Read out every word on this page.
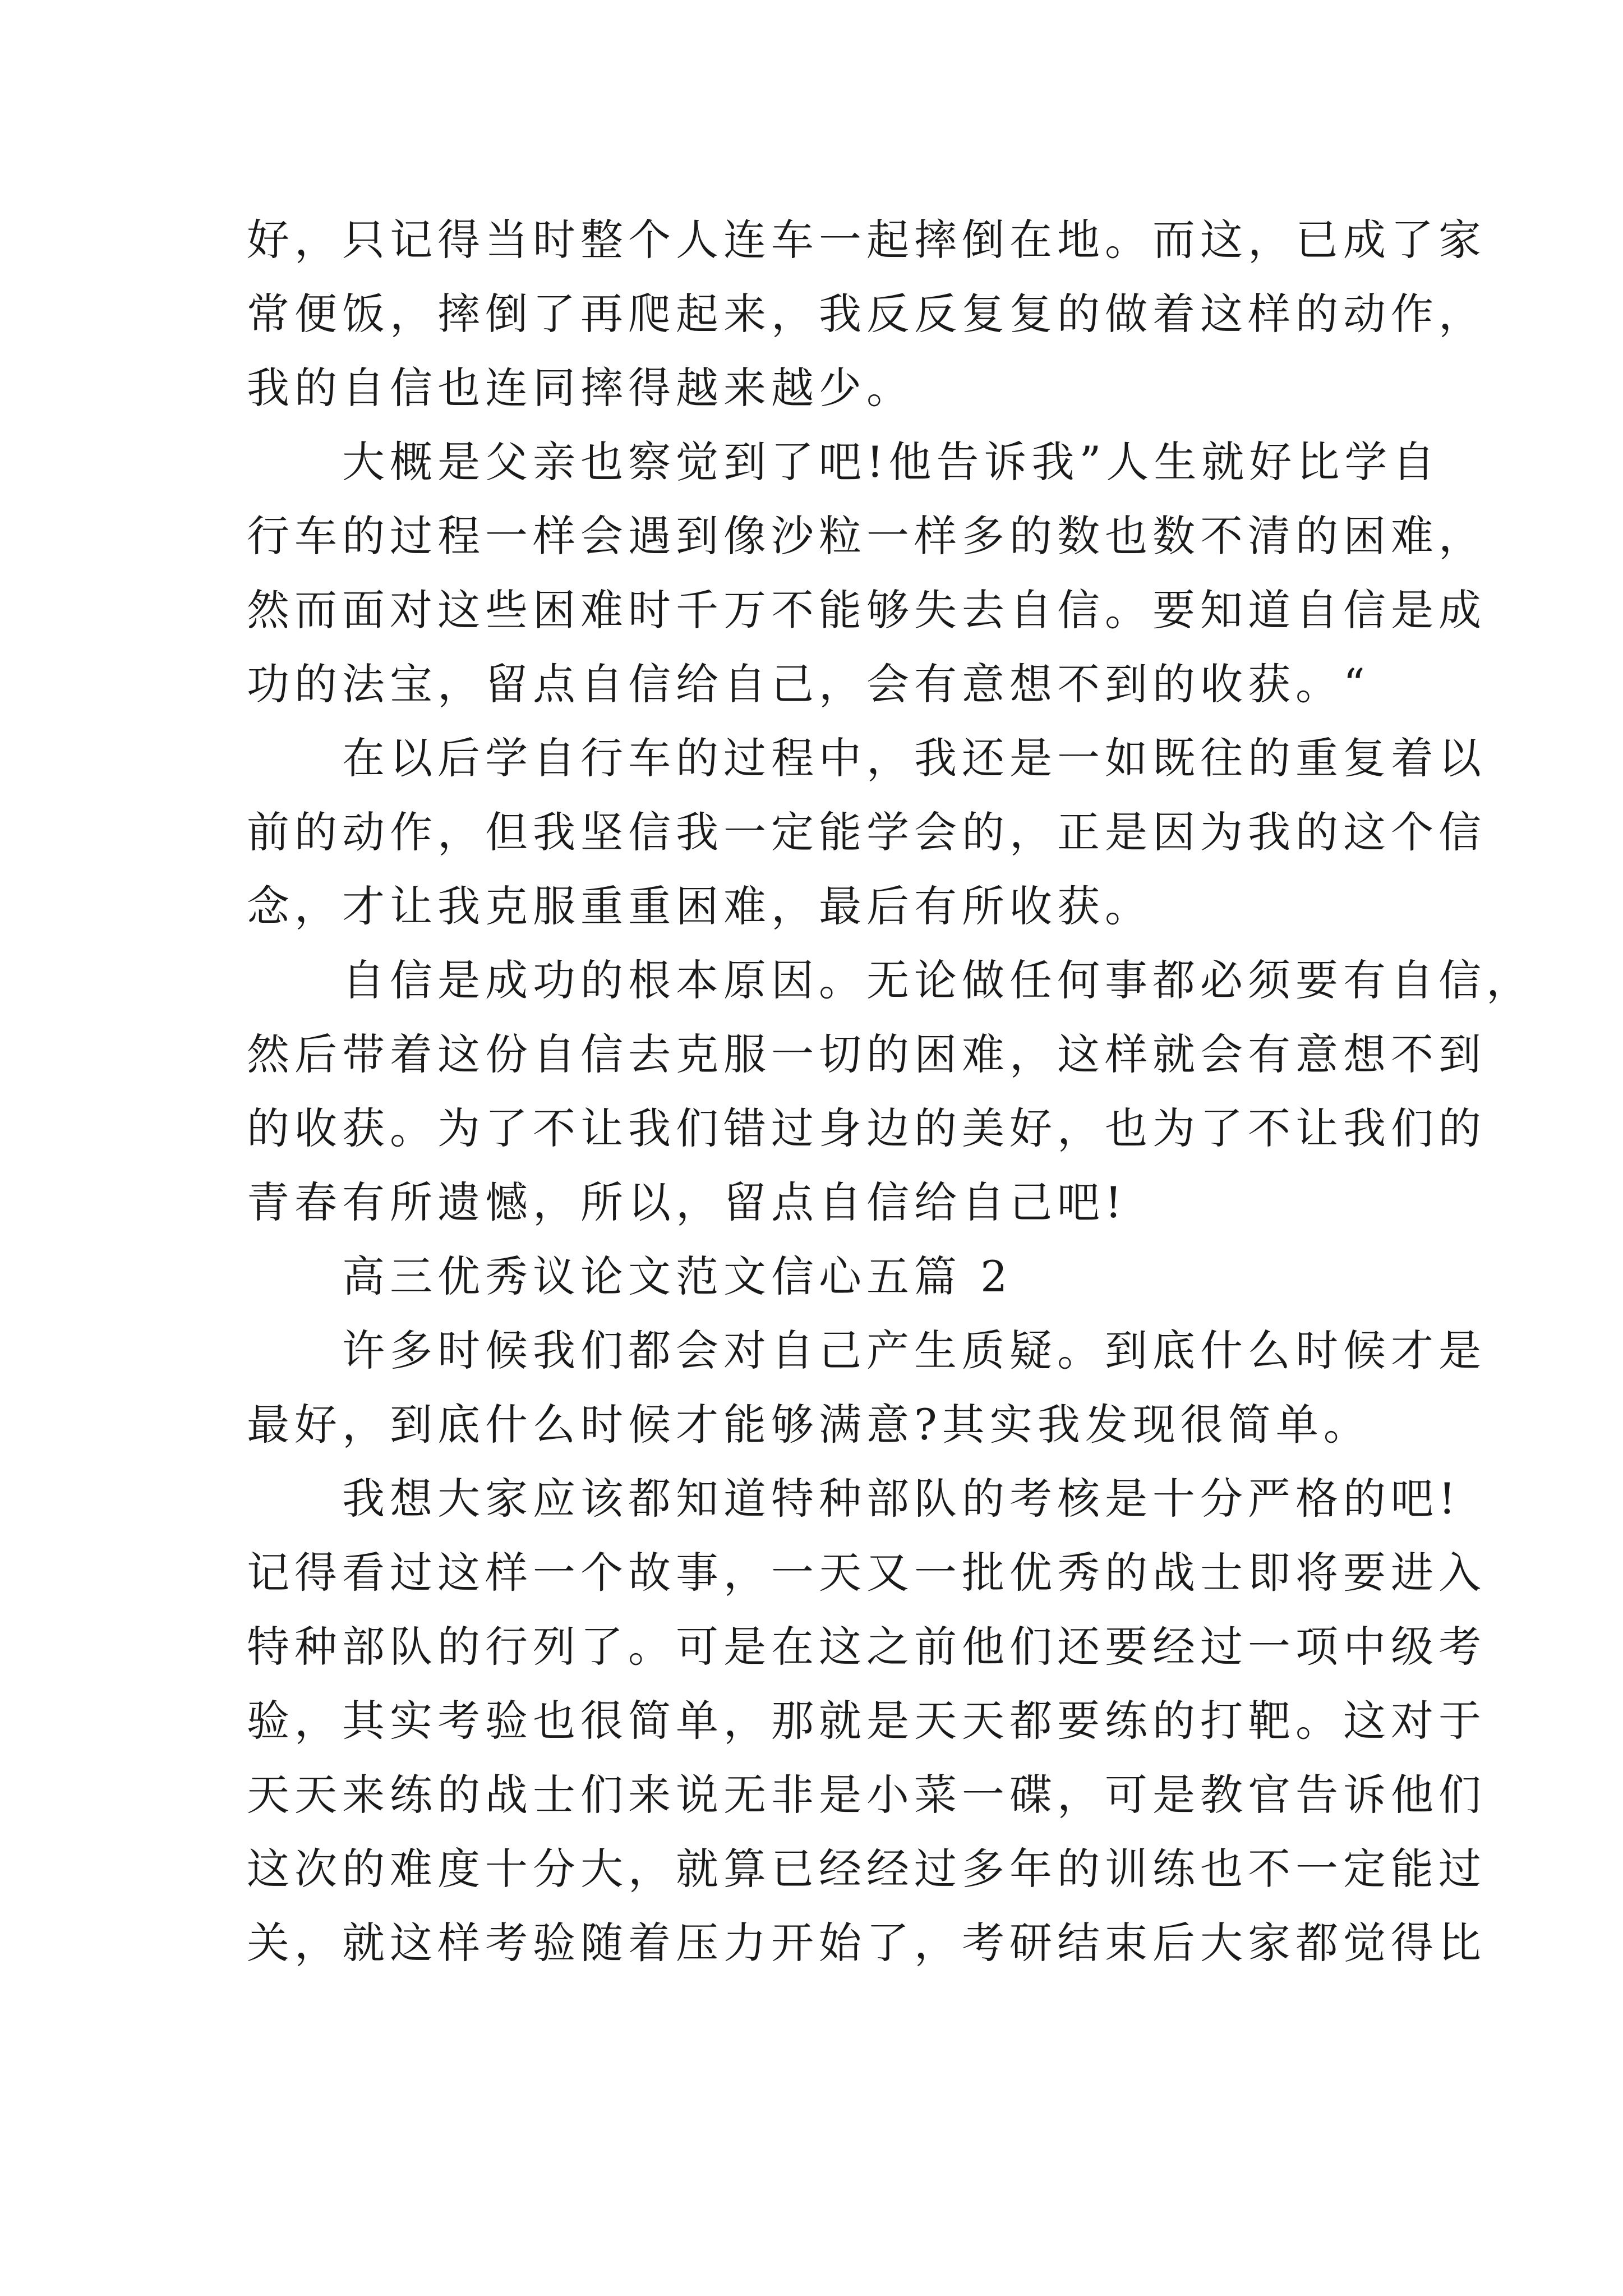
好，只记得当时整个人连车一起摔倒在地。而这，已成了家
常便饭，摔倒了再爬起来，我反反复复的做着这样的动作，
我的自信也连同摔得越来越少。
大概是父亲也察觉到了吧!他告诉我”人生就好比学自
行车的过程一样会遇到像沙粒一样多的数也数不清的困难，
然而面对这些困难时千万不能够失去自信。要知道自信是成
功的法宝，留点自信给自己，会有意想不到的收获。“
在以后学自行车的过程中，我还是一如既往的重复着以
前的动作，但我坚信我一定能学会的，正是因为我的这个信
念，才让我克服重重困难，最后有所收获。
自信是成功的根本原因。无论做任何事都必须要有自信，
然后带着这份自信去克服一切的困难，这样就会有意想不到
的收获。为了不让我们错过身边的美好，也为了不让我们的
青春有所遗憾，所以，留点自信给自己吧!
高三优秀议论文范文信心五篇 2
许多时候我们都会对自己产生质疑。到底什么时候才是
最好，到底什么时候才能够满意?其实我发现很简单。
我想大家应该都知道特种部队的考核是十分严格的吧!
记得看过这样一个故事，一天又一批优秀的战士即将要进入
特种部队的行列了。可是在这之前他们还要经过一项中级考
验，其实考验也很简单，那就是天天都要练的打靶。这对于
天天来练的战士们来说无非是小菜一碟，可是教官告诉他们
这次的难度十分大，就算已经经过多年的训练也不一定能过
关，就这样考验随着压力开始了，考研结束后大家都觉得比
